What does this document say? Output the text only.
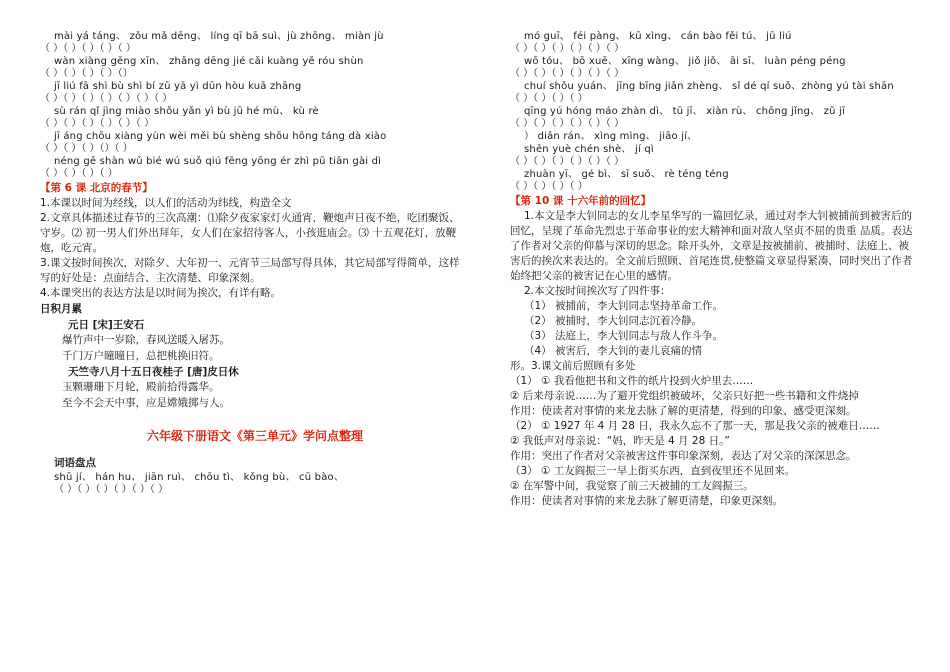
mài yá táng、 zǒu mǎ dēng、 líng qī bā suì、jù zhōng、 miàn jù
（ ）（ ）（ ）（ ）（ ）
wàn xiàng gēng xīn、 zhǎng dēng jié cǎi kuàng yě róu shùn
（ ）（ ）（ ）（ ）（）
jī liú fā shì bù shì bí zǔ yā yì dūn hòu kuā zhāng
（ ）（ ）（ ）（ ）（ ）（ ）（ ）
sù rán qǐ jìng miào shǒu yǎn yì bù jū hé mù、 kù rè
（ ）（ ）（ ）（ ）（ ）（ ）
jī áng chōu xiàng yùn wèi měi bù shèng shōu hōng táng dà xiào
（ ）（ ）（ ）（）（ ）
néng gē shàn wǔ bié wú suǒ qiú fēng yōng ér zhì pū tiān gài dì
（ ）（ ）（ ）（ ）
【第 6 课 北京的春节】
1.本课以时间为经线，以人们的活动为纬线，构造全文
2.文章具体描述过春节的三次高潮：⑴除夕夜家家灯火通宵，鞭炮声日夜不绝，吃团聚饭、守岁。⑵ 初一男人们外出拜年，女人们在家招待客人，小孩逛庙会。⑶ 十五观花灯，放鞭炮，吃元宵。
3.课文按时间挨次，对除夕、大年初一、元宵节三局部写得具体，其它局部写得简单，这样写的好处是：点面结合、主次清楚、印象深刻。
4.本课突出的表达方法是以时间为挨次，有详有略。
日积月累
元日 [宋]王安石
爆竹声中一岁除，春风送暖入屠苏。
千门万户曈曈日，总把桃换旧符。
天竺寺八月十五日夜桂子 [唐]皮日休
玉颗珊珊下月轮，殿前拾得露华。
至今不会天中事，应是嫦娥掷与人。
六年级下册语文《第三单元》学问点整理
词语盘点
shū jí、 hán hu、 jiān ruì、 chōu tì、 kǒng bù、 cū bào、
（ ）（ ）（ ）（ ）（ ）（ ）
mó guī、 féi pàng、 kū xìng、 cán bào fěi tú、 jū liú
（ ）（ ）（ ）（ ）（ ）（ ）
wō tóu、 bō xuē、 xīng wàng、 jiǒ jiǒ、 āi sī、 luàn péng péng
（ ）（ ）（ ）（ ）（ ）（ ）
chuí shǒu yuán、 jīng bīng jiǎn zhèng、 sǐ dé qí suǒ、zhòng yú tài shān
（ ）（ ）（ ）（ ）
qīng yú hóng máo zhàn dì、 tū jī、 xiàn rù、 chōng jǐng、 zǔ jī
（ ）（ ）（ ）（ ）（ ）（ ）
） diǎn rán、 xìng mìng、 jiāo jí、
shēn yuè chén shè、 jí qì
（ ）（ ）（ ）（ ）（ ）（ ）
zhuàn yī、 gé bì、 sī suǒ、 rè téng téng
（ ）（ ）（ ）（ ）
【第 10 课 十六年前的回忆】
1.本文是李大钊同志的女儿李星华写的一篇回忆录，通过对李大钊被捕前到被害后的回忆，呈现了革命先烈忠于革命事业的宏大精神和面对敌人坚贞不屈的贵重 品质。表达了作者对父亲的仰慕与深切的思念。除开头外，文章是按被捕前、被捕时、法庭上、被害后的挨次来表达的。全文前后照顾、首尾连贯,使整篇文章显得紧凑，同时突出了作者始终把父亲的被害记在心里的感情。
2.本文按时间挨次写了四件事：
（1） 被捕前，李大钊同志坚持革命工作。
（2） 被捕时，李大钊同志沉着冷静。
（3） 法庭上，李大钊同志与敌人作斗争。
（4） 被害后，李大钊的妻儿哀痛的情
形。3.课文前后照顾有多处
（1） ① 我看他把书和文件的纸片投到火炉里去……
② 后来母亲说……为了避开党组织被破坏，父亲只好把一些书籍和文件烧掉
作用：使读者对事情的来龙去脉了解的更清楚，得到的印象、感受更深刻。
（2） ① 1927 年 4 月 28 日，我永久忘不了那一天，那是我父亲的被难日……
② 我低声对母亲说：“妈，昨天是 4 月 28 日。”
作用：突出了作者对父亲被害这件事印象深刻，表达了对父亲的深深思念。
（3） ① 工友阎振三一早上街买东西，直到夜里还不见回来。
② 在军警中间，我觉察了前三天被捕的工友阎振三。
作用：使读者对事情的来龙去脉了解更清楚，印象更深刻。
